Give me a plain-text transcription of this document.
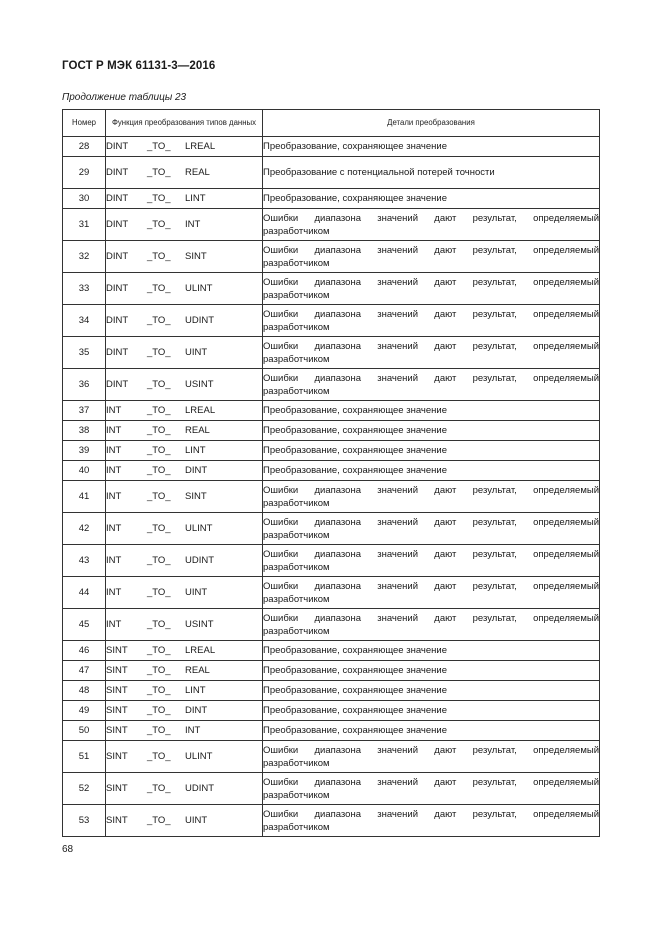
ГОСТ Р МЭК 61131-3—2016
Продолжение таблицы 23
Номер	Функция преобразования типов данных	Детали преобразования
28	DINT _TO_ LREAL	Преобразование, сохраняющее значение
29	DINT _TO_ REAL	Преобразование с потенциальной потерей точности
30	DINT _TO_ LINT	Преобразование, сохраняющее значение
31	DINT _TO_ INT	Ошибки диапазона значений дают результат, определяемый разработчиком
32	DINT _TO_ SINT	Ошибки диапазона значений дают результат, определяемый разработчиком
33	DINT _TO_ ULINT	Ошибки диапазона значений дают результат, определяемый разработчиком
34	DINT _TO_ UDINT	Ошибки диапазона значений дают результат, определяемый разработчиком
35	DINT _TO_ UINT	Ошибки диапазона значений дают результат, определяемый разработчиком
36	DINT _TO_ USINT	Ошибки диапазона значений дают результат, определяемый разработчиком
37	INT _TO_ LREAL	Преобразование, сохраняющее значение
38	INT _TO_ REAL	Преобразование, сохраняющее значение
39	INT _TO_ LINT	Преобразование, сохраняющее значение
40	INT _TO_ DINT	Преобразование, сохраняющее значение
41	INT _TO_ SINT	Ошибки диапазона значений дают результат, определяемый разработчиком
42	INT _TO_ ULINT	Ошибки диапазона значений дают результат, определяемый разработчиком
43	INT _TO_ UDINT	Ошибки диапазона значений дают результат, определяемый разработчиком
44	INT _TO_ UINT	Ошибки диапазона значений дают результат, определяемый разработчиком
45	INT _TO_ USINT	Ошибки диапазона значений дают результат, определяемый разработчиком
46	SINT _TO_ LREAL	Преобразование, сохраняющее значение
47	SINT _TO_ REAL	Преобразование, сохраняющее значение
48	SINT _TO_ LINT	Преобразование, сохраняющее значение
49	SINT _TO_ DINT	Преобразование, сохраняющее значение
50	SINT _TO_ INT	Преобразование, сохраняющее значение
51	SINT _TO_ ULINT	Ошибки диапазона значений дают результат, определяемый разработчиком
52	SINT _TO_ UDINT	Ошибки диапазона значений дают результат, определяемый разработчиком
53	SINT _TO_ UINT	Ошибки диапазона значений дают результат, определяемый разработчиком
68
